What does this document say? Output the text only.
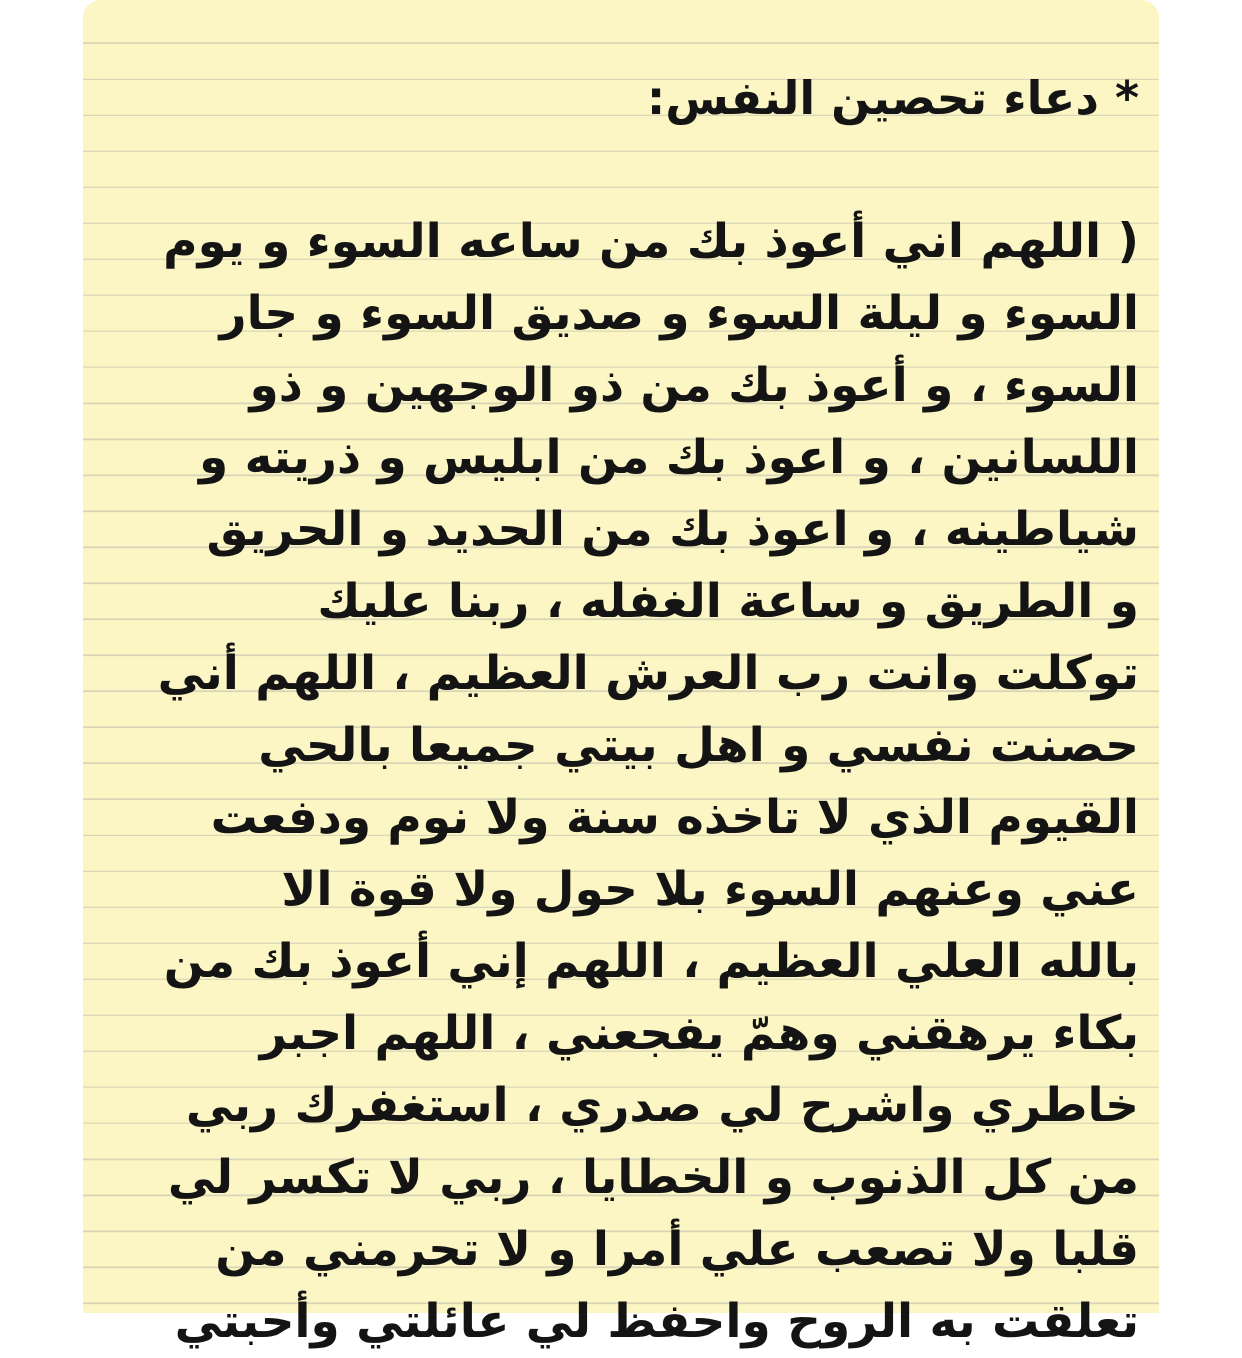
* دعاء تحصين النفس:

( اللهم اني أعوذ بك من ساعه السوء و يوم

السوء و ليلة السوء و صديق السوء و جار

السوء ، و أعوذ بك من ذو الوجهين و ذو

اللسانين ، و اعوذ بك من ابليس و ذريته و

شياطينه ، و اعوذ بك من الحديد و الحريق

و الطريق و ساعة الغفله ، ربنا عليك

توكلت وانت رب العرش العظيم ، اللهم أني

حصنت نفسي و اهل بيتي جميعا بالحي

القيوم الذي لا تاخذه سنة ولا نوم ودفعت

عني وعنهم السوء بلا حول ولا قوة الا

بالله العلي العظيم ، اللهم إني أعوذ بك من

بكاء يرهقني وهمّ يفجعني ، اللهم اجبر

خاطري واشرح لي صدري ، استغفرك ربي

من كل الذنوب و الخطايا ، ربي لا تكسر لي

قلبا ولا تصعب علي أمرا و لا تحرمني من

تعلقت به الروح واحفظ لي عائلتي وأحبتي
